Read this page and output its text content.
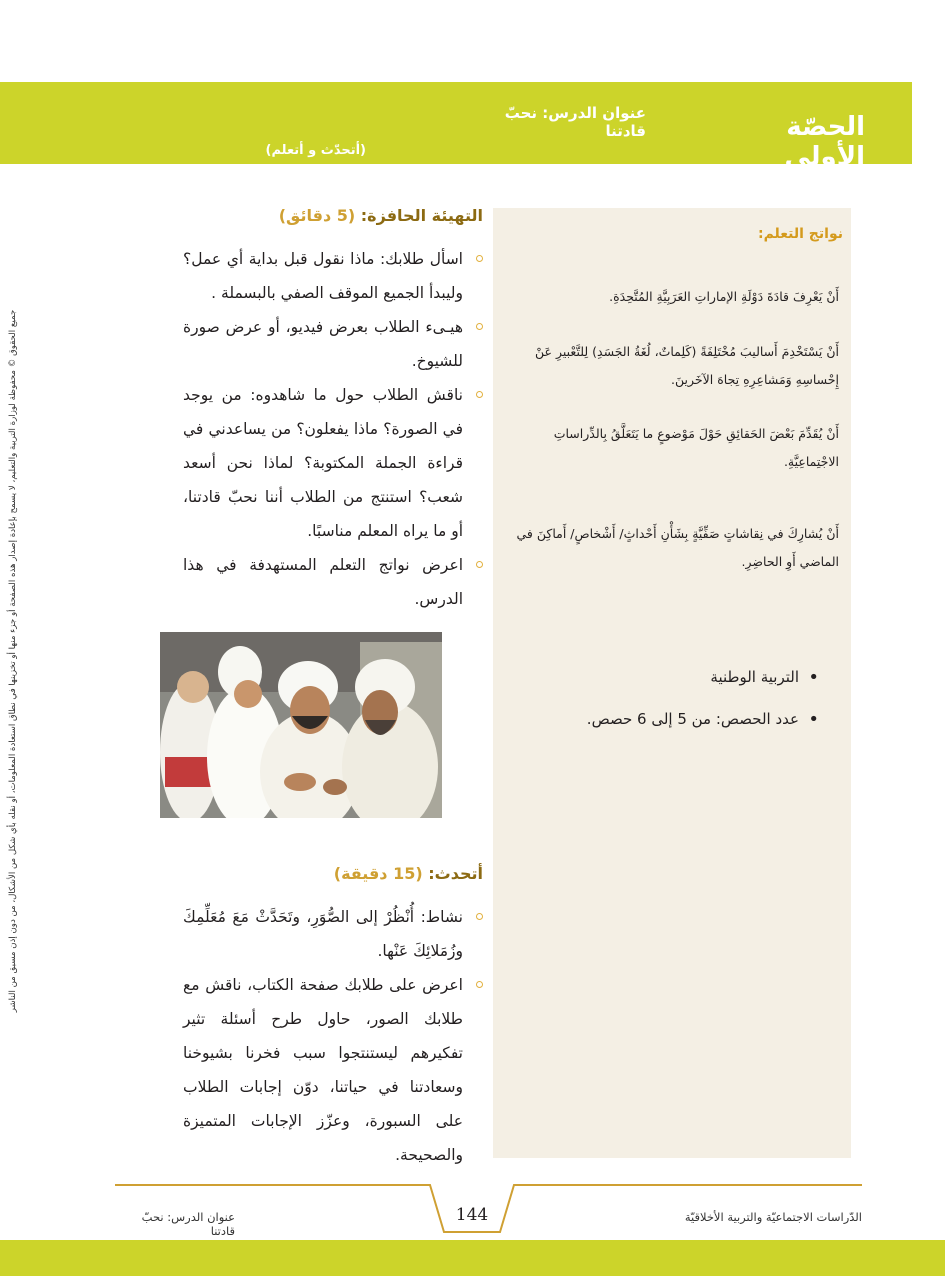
الحصّة الأولى
عنوان الدرس: نحبّ قادتنا
(أتحدّث و أتعلم)
جميع الحقوق © محفوظة لوزارة التربية والتعليم، لا يسمح بإعادة إصدار هذه الصفحة أو جزء منها أو تخزينها في نطاق استعادة المعلومات، أو نقله بأي شكل من الأشكال، من دون إذن مسبق من الناشر
نواتج التعلم:
أَنْ يَعْرِفَ قادَةَ دَوْلَةِ الإماراتِ العَرَبِيَّةِ المُتَّحِدَةِ.
أَنْ يَسْتَخْدِمَ أَساليبَ مُخْتَلِفَةً (كَلِماتٌ، لُغَةُ الجَسَدِ) لِلتَّعْبيرِ عَنْ إِحْساسِهِ وَمَشاعِرِهِ تِجاهَ الآخَرينَ.
أَنْ يُقَدِّمَ بَعْضَ الحَقائِقِ حَوْلَ مَوْضوعٍ ما يَتَعَلَّقُ بِالدِّراساتِ الاجْتِماعِيَّةِ.
أَنْ يُشارِكَ في نِقاشاتٍ صَفِّيَّةٍ بِشَأْنِ أَحْداثٍ/ أَشْخاصٍ/ أَماكِنَ في الماضي أَوِ الحاضِرِ.
• التربية الوطنية
• عدد الحصص: من 5 إلى 6 حصص.
التهيئة الحافزة: (5 دقائق)
اسأل طلابك: ماذا نقول قبل بداية أي عمل؟ وليبدأ الجميع الموقف الصفي بالبسملة .
هيـىء الطلاب بعرض فيديو، أو عرض صورة للشيوخ.
ناقش الطلاب حول ما شاهدوه: من يوجد في الصورة؟ ماذا يفعلون؟ من يساعدني في قراءة الجملة المكتوبة؟ لماذا نحن أسعد شعب؟ استنتج من الطلاب أننا نحبّ قادتنا، أو ما يراه المعلم مناسبًا.
اعرض نواتج التعلم المستهدفة في هذا الدرس.
أتحدث: (15 دقيقة)
نشاط: أُنْظُرْ إلى الصُّوَرِ، وتَحَدَّثْ مَعَ مُعَلِّمِكَ وزُمَلائِكَ عَنْها.
اعرض على طلابك صفحة الكتاب، ناقش مع طلابك الصور، حاول طرح أسئلة تثير تفكيرهم ليستنتجوا سبب فخرنا بشيوخنا وسعادتنا في حياتنا، دوّن إجابات الطلاب على السبورة، وعزّز الإجابات المتميزة والصحيحة.
144
عنوان الدرس: نحبّ قادتنا
الدّراسات الاجتماعيّة والتربية الأخلاقيّة
